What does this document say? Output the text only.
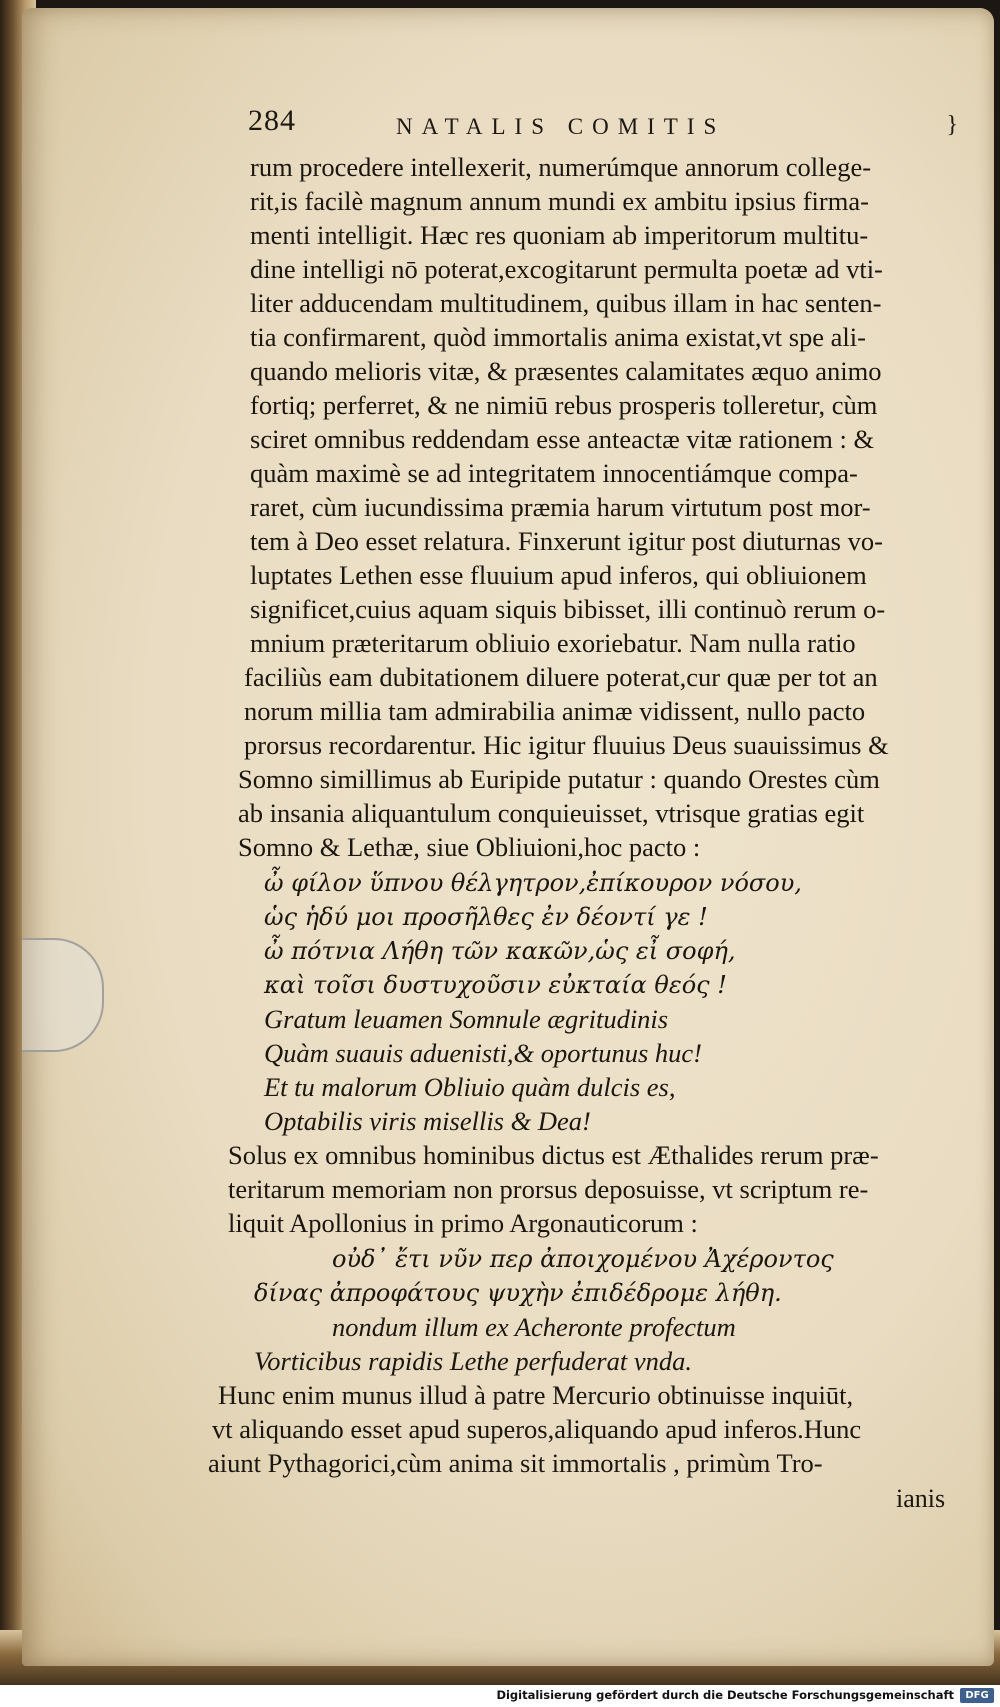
284	NATALIS COMITIS	}
rum procedere intellexerit, numerúmque annorum college-
rit,is facilè magnum annum mundi ex ambitu ipsius firma-
menti intelligit. Hæc res quoniam ab imperitorum multitu-
dine intelligi nō poterat,excogitarunt permulta poetæ ad vti-
liter adducendam multitudinem, quibus illam in hac senten-
tia confirmarent, quòd immortalis anima existat,vt spe ali-
quando melioris vitæ, & præsentes calamitates æquo animo
fortiq; perferret, & ne nimiū rebus prosperis tolleretur, cùm
sciret omnibus reddendam esse anteactæ vitæ rationem : &
quàm maximè se ad integritatem innocentiámque compa-
raret, cùm iucundissima præmia harum virtutum post mor-
tem à Deo esset relatura. Finxerunt igitur post diuturnas vo-
luptates Lethen esse fluuium apud inferos, qui obliuionem
significet,cuius aquam siquis bibisset, illi continuò rerum o-
mnium præteritarum obliuio exoriebatur. Nam nulla ratio
faciliùs eam dubitationem diluere poterat,cur quæ per tot an
norum millia tam admirabilia animæ vidissent, nullo pacto
prorsus recordarentur. Hic igitur fluuius Deus suauissimus &
Somno simillimus ab Euripide putatur : quando Orestes cùm
ab insania aliquantulum conquieuisset, vtrisque gratias egit
Somno & Lethæ, siue Obliuioni,hoc pacto :
ὦ φίλον ὕπνου θέλγητρον,ἐπίκουρον νόσου,
ὡς ἡδύ μοι προσῆλθες ἐν δέοντί γε !
ὦ πότνια Λήθη τῶν κακῶν,ὡς εἶ σοφή,
καὶ τοῖσι δυστυχοῦσιν εὐκταία θεός !
Gratum leuamen Somnule ægritudinis
Quàm suauis aduenisti,& oportunus huc!
Et tu malorum Obliuio quàm dulcis es,
Optabilis viris misellis & Dea!
Solus ex omnibus hominibus dictus est Æthalides rerum præ-
teritarum memoriam non prorsus deposuisse, vt scriptum re-
liquit Apollonius in primo Argonauticorum :
οὐδ᾽ ἔτι νῦν περ ἀποιχομένου Ἀχέροντος
δίνας ἀπροφάτους ψυχὴν ἐπιδέδρομε λήθη.
nondum illum ex Acheronte profectum
Vorticibus rapidis Lethe perfuderat vnda.
Hunc enim munus illud à patre Mercurio obtinuisse inquiūt,
vt aliquando esset apud superos,aliquando apud inferos.Hunc
aiunt Pythagorici,cùm anima sit immortalis , primùm Tro-
ianis
Digitalisierung gefördert durch die Deutsche Forschungsgemeinschaft	DFG
